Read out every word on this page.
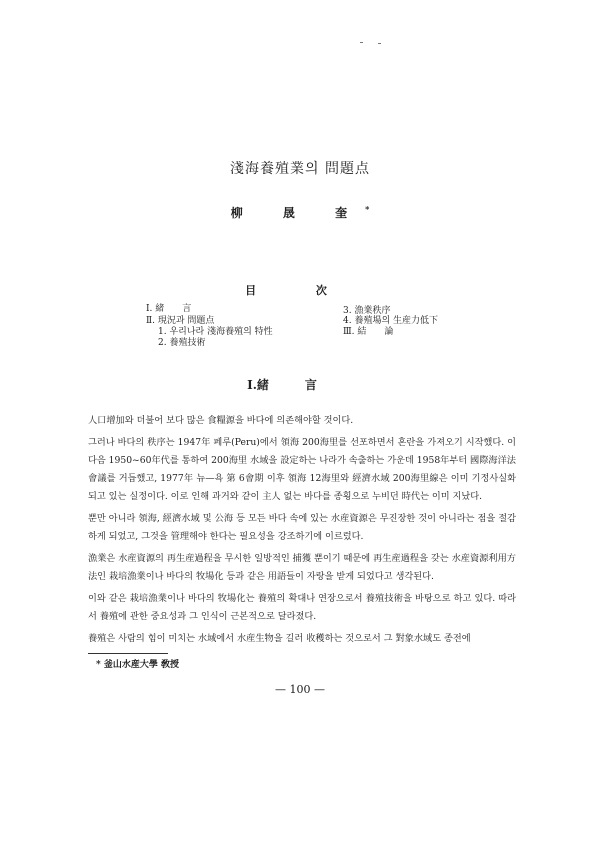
淺海養殖業의 問題点
柳 晟 奎*
目 次
Ⅰ. 緒　　言
Ⅱ. 現況과 問題点
1. 우리나라 淺海養殖의 特性
2. 養殖技術
3. 漁業秩序
4. 養殖場의 生産力低下
Ⅲ. 結　　論
Ⅰ.緒言

人口增加와 더불어 보다 많은 食糧源을 바다에 의존해야할 것이다.

그러나 바다의 秩序는 1947年 페루(Peru)에서 領海 200海里를 선포하면서 혼란을 가져오기 시작했다. 이 다음 1950~60年代를 통하여 200海里 水域을 設定하는 나라가 속출하는 가운데 1958年부터 國際海洋法會議를 거듭했고, 1977年 뉴—욕 第 6會期 이후 領海 12海里와 經濟水域 200海里線은 이미 기정사실화 되고 있는 실정이다. 이로 인해 과거와 같이 主人 없는 바다를 종횡으로 누비던 時代는 이미 지났다.

뿐만 아니라 領海, 經濟水域 및 公海 등 모든 바다 속에 있는 水産資源은 무진장한 것이 아니라는 점을 절감하게 되었고, 그것을 管理해야 한다는 필요성을 강조하기에 이르렀다.

漁業은 水産資源의 再生産過程을 무시한 일방적인 捕獲 뿐이기 때문에 再生産過程을 갖는 水産資源利用方法인 栽培漁業이나 바다의 牧場化 등과 같은 用語들이 자랑을 받게 되었다고 생각된다.

이와 같은 栽培漁業이나 바다의 牧場化는 養殖의 확대나 연장으로서 養殖技術을 바탕으로 하고 있다. 따라서 養殖에 관한 중요성과 그 인식이 근본적으로 달라졌다.

養殖은 사람의 힘이 미치는 水域에서 水産生物을 길러 收穫하는 것으로서 그 對象水域도 종전에

* 釜山水産大學 敎授
— 100 —
